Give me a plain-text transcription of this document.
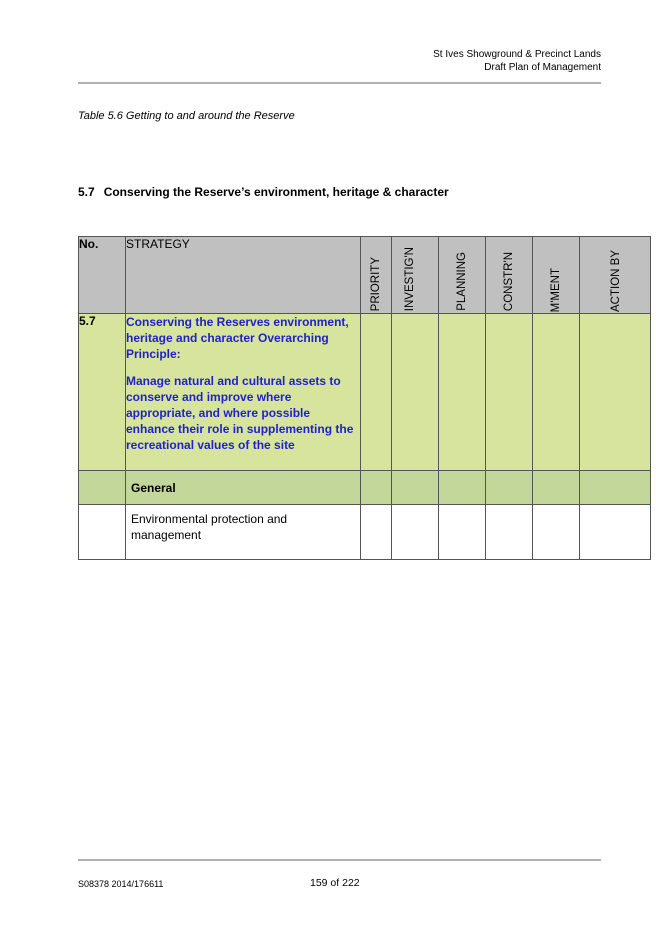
St Ives Showground & Precinct Lands
Draft Plan of Management
Table 5.6 Getting to and around the Reserve
5.7 Conserving the Reserve’s environment, heritage & character
No.	STRATEGY	PRIORITY	INVESTIG'N	PLANNING	CONSTR'N	M'MENT	ACTION BY

5.7	Conserving the Reserves environment, heritage and character Overarching Principle:

Manage natural and cultural assets to conserve and improve where appropriate, and where possible enhance their role in supplementing the recreational values of the site						

	General						
	Environmental protection and management						
S08378 2014/176611	159 of 222
